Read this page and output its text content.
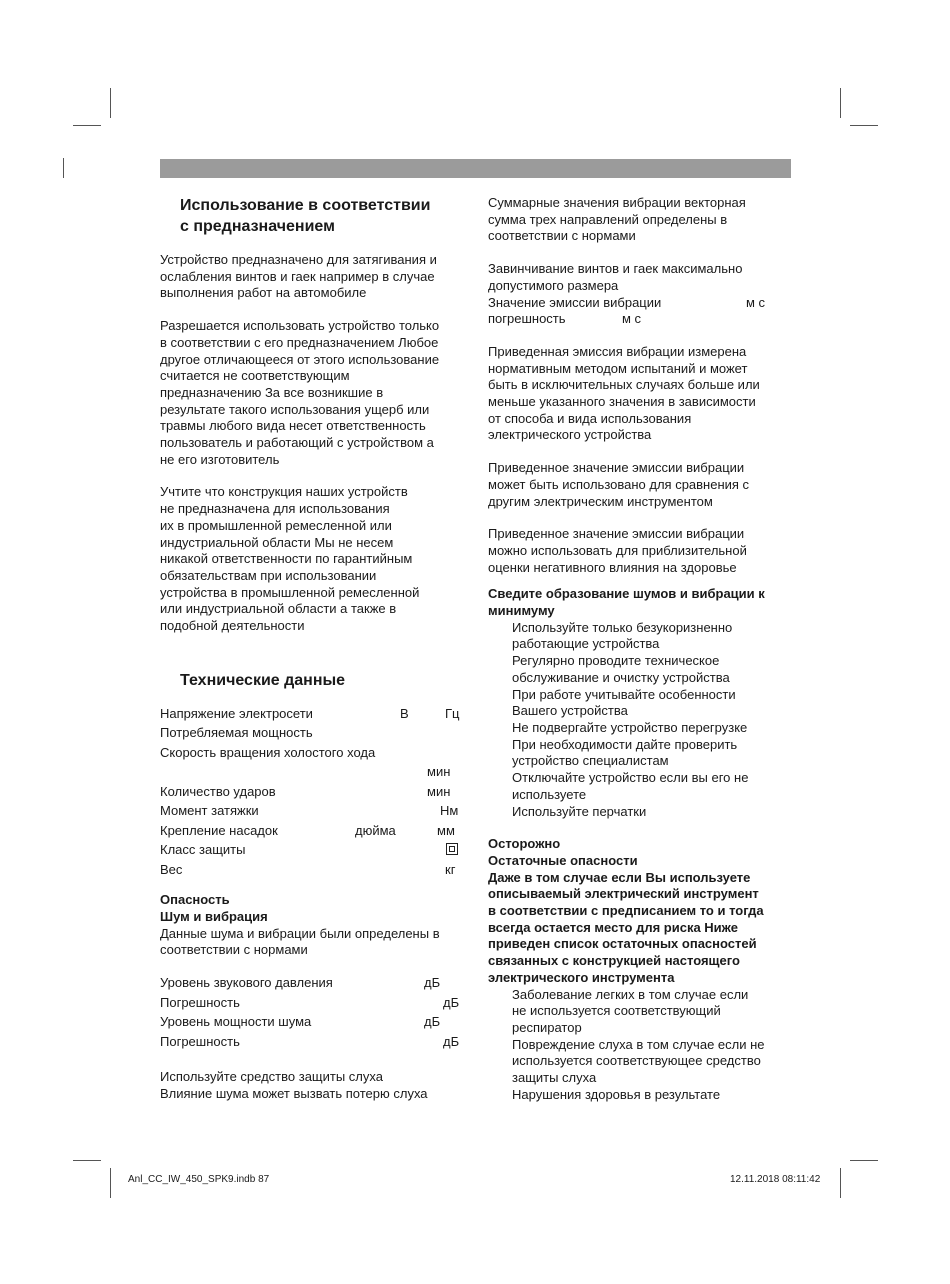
Использование в соответствии
с предназначением
Устройство предназначено для затягивания и
ослабления винтов и гаек например в случае
выполнения работ на автомобиле
Разрешается использовать устройство только
в соответствии с его предназначением Любое
другое отличающееся от этого использование
считается не соответствующим
предназначению За все возникшие в
результате такого использования ущерб или
травмы любого вида несет ответственность
пользователь и работающий с устройством а
не его изготовитель
Учтите что конструкция наших устройств
не предназначена для использования
их в промышленной ремесленной или
индустриальной области Мы не несем
никакой ответственности по гарантийным
обязательствам при использовании
устройства в промышленной ремесленной
или индустриальной области а также в
подобной деятельности
Технические данные
Напряжение электросети	В	Гц
Потребляемая мощность
Скорость вращения холостого хода
мин
Количество ударов	мин
Момент затяжки	Нм
Крепление насадок	дюйма	мм
Класс защиты
Вес	кг
Опасность
Шум и вибрация
Данные шума и вибрации были определены в
соответствии с нормами
Уровень звукового давления	дБ
Погрешность	дБ
Уровень мощности шума	дБ
Погрешность	дБ
Используйте средство защиты слуха
Влияние шума может вызвать потерю слуха
Суммарные значения вибрации векторная
сумма трех направлений определены в
соответствии с нормами
Завинчивание винтов и гаек максимально
допустимого размера
Значение эмиссии вибрации	м с
погрешность	м с
Приведенная эмиссия вибрации измерена
нормативным методом испытаний и может
быть в исключительных случаях больше или
меньше указанного значения в зависимости
от способа и вида использования
электрического устройства
Приведенное значение эмиссии вибрации
может быть использовано для сравнения с
другим электрическим инструментом
Приведенное значение эмиссии вибрации
можно использовать для приблизительной
оценки негативного влияния на здоровье
Сведите образование шумов и вибрации к
минимуму
Используйте только безукоризненно
работающие устройства
Регулярно проводите техническое
обслуживание и очистку устройства
При работе учитывайте особенности
Вашего устройства
Не подвергайте устройство перегрузке
При необходимости дайте проверить
устройство специалистам
Отключайте устройство если вы его не
используете
Используйте перчатки
Осторожно
Остаточные опасности
Даже в том случае если Вы используете
описываемый электрический инструмент
в соответствии с предписанием то и тогда
всегда остается место для риска Ниже
приведен список остаточных опасностей
связанных с конструкцией настоящего
электрического инструмента
Заболевание легких в том случае если
не используется соответствующий
респиратор
Повреждение слуха в том случае если не
используется соответствующее средство
защиты слуха
Нарушения здоровья в результате
Anl_CC_IW_450_SPK9.indb 87	12.11.2018 08:11:42
